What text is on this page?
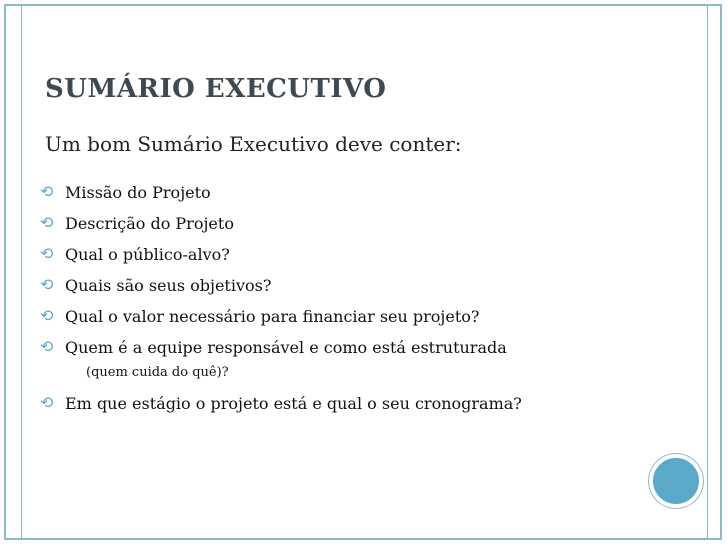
SUMÁRIO EXECUTIVO

Um bom Sumário Executivo deve conter:

⟲ Missão do Projeto
⟲ Descrição do Projeto
⟲ Qual o público-alvo?
⟲ Quais são seus objetivos?
⟲ Qual o valor necessário para financiar seu projeto?
⟲ Quem é a equipe responsável e como está estruturada
(quem cuida do quê)?
⟲ Em que estágio o projeto está e qual o seu cronograma?
